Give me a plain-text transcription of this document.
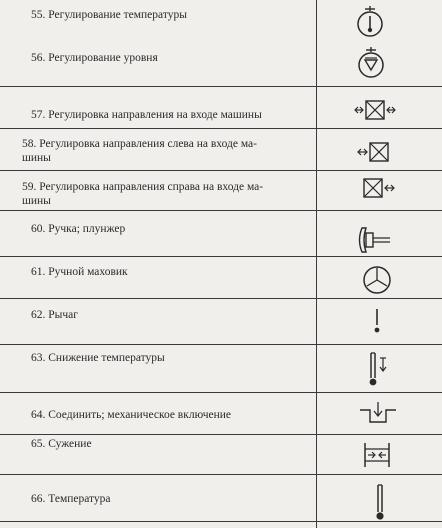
55. Регулирование температуры
56. Регулирование уровня
57. Регулировка направления на входе машины
58. Регулировка направления слева на входе ма-
шины
59. Регулировка направления справа на входе ма-
шины
60. Ручка; плунжер
61. Ручной маховик
62. Рычаг
63. Снижение температуры
64. Соединить; механическое включение
65. Сужение
66. Температура
